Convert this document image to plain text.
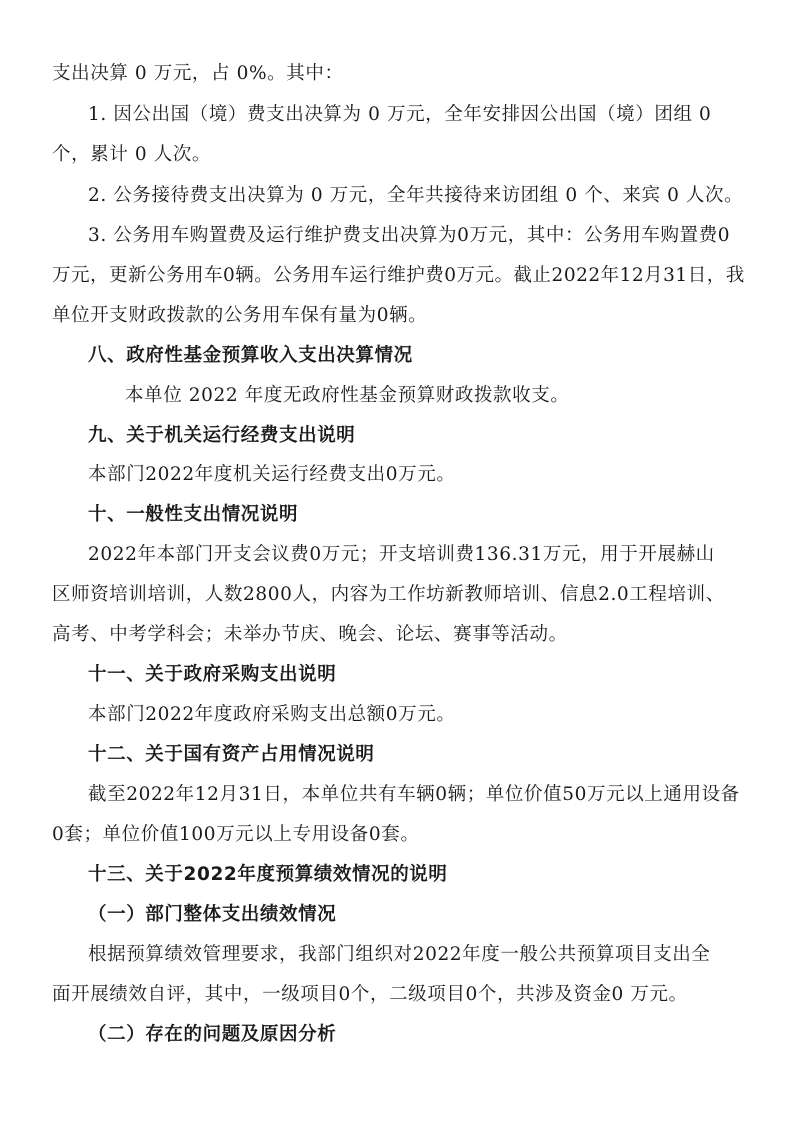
支出决算 0 万元，占 0%。其中：
1. 因公出国（境）费支出决算为 0 万元，全年安排因公出国（境）团组 0
个，累计 0 人次。
2. 公务接待费支出决算为 0 万元，全年共接待来访团组 0 个、来宾 0 人次。
3. 公务用车购置费及运行维护费支出决算为0万元，其中：公务用车购置费0
万元，更新公务用车0辆。公务用车运行维护费0万元。截止2022年12月31日，我
单位开支财政拨款的公务用车保有量为0辆。
八、政府性基金预算收入支出决算情况
本单位 2022 年度无政府性基金预算财政拨款收支。
九、关于机关运行经费支出说明
本部门2022年度机关运行经费支出0万元。
十、一般性支出情况说明
2022年本部门开支会议费0万元；开支培训费136.31万元，用于开展赫山
区师资培训培训，人数2800人，内容为工作坊新教师培训、信息2.0工程培训、
高考、中考学科会；未举办节庆、晚会、论坛、赛事等活动。
十一、关于政府采购支出说明
本部门2022年度政府采购支出总额0万元。
十二、关于国有资产占用情况说明
截至2022年12月31日，本单位共有车辆0辆；单位价值50万元以上通用设备
0套；单位价值100万元以上专用设备0套。
十三、关于2022年度预算绩效情况的说明
（一）部门整体支出绩效情况
根据预算绩效管理要求，我部门组织对2022年度一般公共预算项目支出全
面开展绩效自评，其中，一级项目0个，二级项目0个，共涉及资金0 万元。
（二）存在的问题及原因分析
